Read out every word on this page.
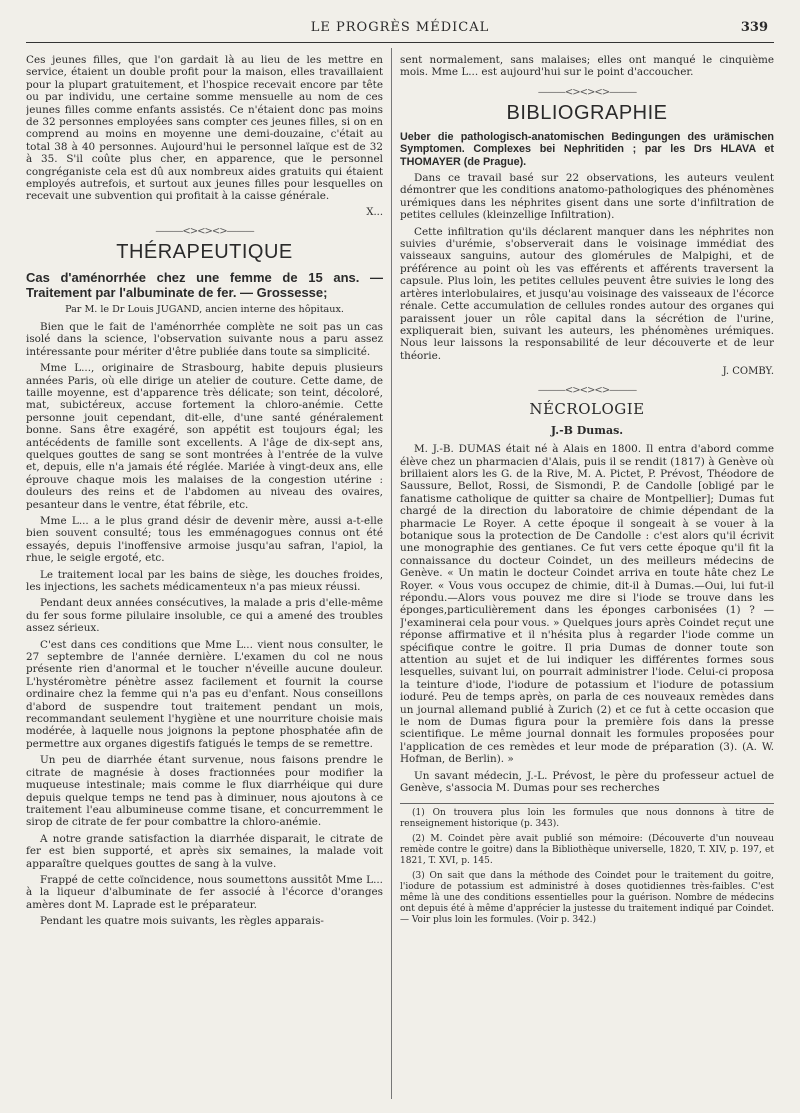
LE PROGRÈS MÉDICAL	339

Ces jeunes filles, que l'on gardait là au lieu de les mettre en service, étaient un double profit pour la maison, elles travaillaient pour la plupart gratuitement, et l'hospice recevait encore par tête ou par individu, une certaine somme mensuelle au nom de ces jeunes filles comme enfants assistés. Ce n'étaient donc pas moins de 32 personnes employées sans compter ces jeunes filles, si on en comprend au moins en moyenne une demi-douzaine, c'était au total 38 à 40 personnes. Aujourd'hui le personnel laïque est de 32 à 35. S'il coûte plus cher, en apparence, que le personnel congréganiste cela est dû aux nombreux aides gratuits qui étaient employés autrefois, et surtout aux jeunes filles pour lesquelles on recevait une subvention qui profitait à la caisse générale.

X...
———<><><>———
THÉRAPEUTIQUE
Cas d'aménorrhée chez une femme de 15 ans. — Traitement par l'albuminate de fer. — Grossesse;
Par M. le Dr Louis JUGAND, ancien interne des hôpitaux.

Bien que le fait de l'aménorrhée complète ne soit pas un cas isolé dans la science, l'observation suivante nous a paru assez intéressante pour mériter d'être publiée dans toute sa simplicité.

Mme L..., originaire de Strasbourg, habite depuis plusieurs années Paris, où elle dirige un atelier de couture. Cette dame, de taille moyenne, est d'apparence très délicate; son teint, décoloré, mat, subictéreux, accuse fortement la chloro-anémie. Cette personne jouit cependant, dit-elle, d'une santé généralement bonne. Sans être exagéré, son appétit est toujours égal; les antécédents de famille sont excellents. A l'âge de dix-sept ans, quelques gouttes de sang se sont montrées à l'entrée de la vulve et, depuis, elle n'a jamais été réglée. Mariée à vingt-deux ans, elle éprouve chaque mois les malaises de la congestion utérine : douleurs des reins et de l'abdomen au niveau des ovaires, pesanteur dans le ventre, état fébrile, etc.

Mme L... a le plus grand désir de devenir mère, aussi a-t-elle bien souvent consulté; tous les emménagogues connus ont été essayés, depuis l'inoffensive armoise jusqu'au safran, l'apiol, la rhue, le seigle ergoté, etc.

Le traitement local par les bains de siège, les douches froides, les injections, les sachets médicamenteux n'a pas mieux réussi.

Pendant deux années consécutives, la malade a pris d'elle-même du fer sous forme pilulaire insoluble, ce qui a amené des troubles assez sérieux.

C'est dans ces conditions que Mme L... vient nous consulter, le 27 septembre de l'année dernière. L'examen du col ne nous présente rien d'anormal et le toucher n'éveille aucune douleur. L'hystéromètre pénètre assez facilement et fournit la course ordinaire chez la femme qui n'a pas eu d'enfant. Nous conseillons d'abord de suspendre tout traitement pendant un mois, recommandant seulement l'hygiène et une nourriture choisie mais modérée, à laquelle nous joignons la peptone phosphatée afin de permettre aux organes digestifs fatigués le temps de se remettre.

Un peu de diarrhée étant survenue, nous faisons prendre le citrate de magnésie à doses fractionnées pour modifier la muqueuse intestinale; mais comme le flux diarrhéique qui dure depuis quelque temps ne tend pas à diminuer, nous ajoutons à ce traitement l'eau albumineuse comme tisane, et concurremment le sirop de citrate de fer pour combattre la chloro-anémie.

A notre grande satisfaction la diarrhée disparait, le citrate de fer est bien supporté, et après six semaines, la malade voit apparaître quelques gouttes de sang à la vulve.

Frappé de cette coïncidence, nous soumettons aussitôt Mme L... à la liqueur d'albuminate de fer associé à l'écorce d'oranges amères dont M. Laprade est le préparateur.

Pendant les quatre mois suivants, les règles apparais-

sent normalement, sans malaises; elles ont manqué le cinquième mois. Mme L... est aujourd'hui sur le point d'accoucher.

———<><><>———
BIBLIOGRAPHIE
Ueber die pathologisch-anatomischen Bedingungen des urämischen Symptomen. Complexes bei Nephritiden ; par les Drs HLAVA et THOMAYER (de Prague).

Dans ce travail basé sur 22 observations, les auteurs veulent démontrer que les conditions anatomo-pathologiques des phénomènes urémiques dans les néphrites gisent dans une sorte d'infiltration de petites cellules (kleinzellige Infiltration).

Cette infiltration qu'ils déclarent manquer dans les néphrites non suivies d'urémie, s'observerait dans le voisinage immédiat des vaisseaux sanguins, autour des glomérules de Malpighi, et de préférence au point où les vas efférents et afférents traversent la capsule. Plus loin, les petites cellules peuvent être suivies le long des artères interlobulaires, et jusqu'au voisinage des vaisseaux de l'écorce rénale. Cette accumulation de cellules rondes autour des organes qui paraissent jouer un rôle capital dans la sécrétion de l'urine, expliquerait bien, suivant les auteurs, les phénomènes urémiques. Nous leur laissons la responsabilité de leur découverte et de leur théorie.

J. COMBY.
———<><><>———
NÉCROLOGIE
J.-B Dumas.

M. J.-B. DUMAS était né à Alais en 1800. Il entra d'abord comme élève chez un pharmacien d'Alais, puis il se rendit (1817) à Genève où brillaient alors les G. de la Rive, M. A. Pictet, P. Prévost, Théodore de Saussure, Bellot, Rossi, de Sismondi, P. de Candolle [obligé par le fanatisme catholique de quitter sa chaire de Montpellier]; Dumas fut chargé de la direction du laboratoire de chimie dépendant de la pharmacie Le Royer. A cette époque il songeait à se vouer à la botanique sous la protection de De Candolle : c'est alors qu'il écrivit une monographie des gentianes. Ce fut vers cette époque qu'il fit la connaissance du docteur Coindet, un des meilleurs médecins de Genève. « Un matin le docteur Coindet arriva en toute hâte chez Le Royer. « Vous vous occupez de chimie, dit-il à Dumas.—Oui, lui fut-il répondu.—Alors vous pouvez me dire si l'iode se trouve dans les éponges,particulièrement dans les éponges carbonisées (1) ? — J'examinerai cela pour vous. » Quelques jours après Coindet reçut une réponse affirmative et il n'hésita plus à regarder l'iode comme un spécifique contre le goitre. Il pria Dumas de donner toute son attention au sujet et de lui indiquer les différentes formes sous lesquelles, suivant lui, on pourrait administrer l'iode. Celui-ci proposa la teinture d'iode, l'iodure de potassium et l'iodure de potassium ioduré. Peu de temps après, on parla de ces nouveaux remèdes dans un journal allemand publié à Zurich (2) et ce fut à cette occasion que le nom de Dumas figura pour la première fois dans la presse scientifique. Le même journal donnait les formules proposées pour l'application de ces remèdes et leur mode de préparation (3). (A. W. Hofman, de Berlin). »

Un savant médecin, J.-L. Prévost, le père du professeur actuel de Genève, s'associa M. Dumas pour ses recherches

(1) On trouvera plus loin les formules que nous donnons à titre de renseignement historique (p. 343).

(2) M. Coindet père avait publié son mémoire: (Découverte d'un nouveau remède contre le goitre) dans la Bibliothèque universelle, 1820, T. XIV, p. 197, et 1821, T. XVI, p. 145.

(3) On sait que dans la méthode des Coindet pour le traitement du goitre, l'iodure de potassium est administré à doses quotidiennes très-faibles. C'est même là une des conditions essentielles pour la guérison. Nombre de médecins ont depuis été à même d'apprécier la justesse du traitement indiqué par Coindet. — Voir plus loin les formules. (Voir p. 342.)
